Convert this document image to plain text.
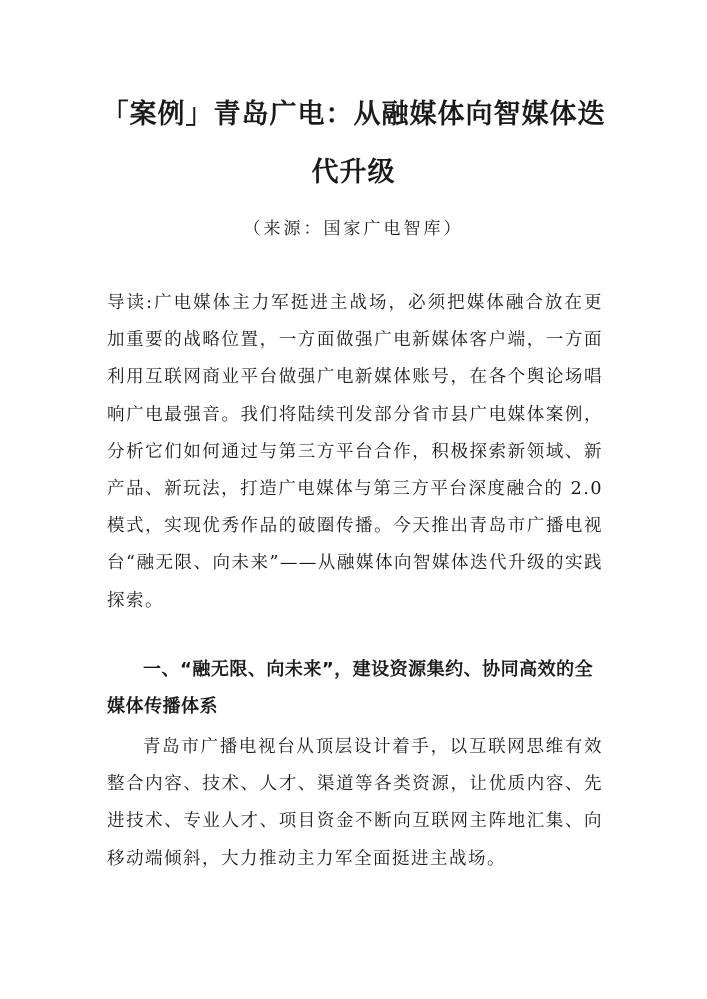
「案例」青岛广电：从融媒体向智媒体迭
代升级
（来源：国家广电智库）
导读:广电媒体主力军挺进主战场，必须把媒体融合放在更加重要的战略位置，一方面做强广电新媒体客户端，一方面利用互联网商业平台做强广电新媒体账号，在各个舆论场唱响广电最强音。我们将陆续刊发部分省市县广电媒体案例，分析它们如何通过与第三方平台合作，积极探索新领域、新产品、新玩法，打造广电媒体与第三方平台深度融合的 2.0 模式，实现优秀作品的破圈传播。今天推出青岛市广播电视台“融无限、向未来”——从融媒体向智媒体迭代升级的实践探索。
一、“融无限、向未来”，建设资源集约、协同高效的全媒体传播体系
青岛市广播电视台从顶层设计着手，以互联网思维有效整合内容、技术、人才、渠道等各类资源，让优质内容、先进技术、专业人才、项目资金不断向互联网主阵地汇集、向移动端倾斜，大力推动主力军全面挺进主战场。
